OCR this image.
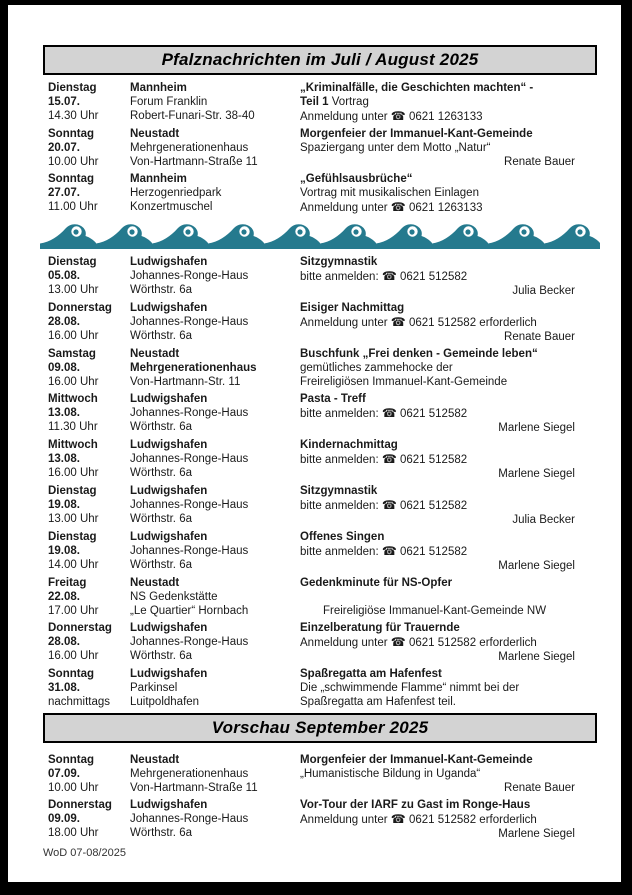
Pfalznachrichten im Juli / August 2025
Dienstag
15.07.
14.30 Uhr
Mannheim
Forum Franklin
Robert-Funari-Str. 38-40
„Kriminalfälle, die Geschichten machten“ -
Teil 1 Vortrag
Anmeldung unter ☎ 0621 1263133
Sonntag
20.07.
10.00 Uhr
Neustadt
Mehrgenerationenhaus
Von-Hartmann-Straße 11
Morgenfeier der Immanuel-Kant-Gemeinde
Spaziergang unter dem Motto „Natur“
Renate Bauer
Sonntag
27.07.
11.00 Uhr
Mannheim
Herzogenriedpark
Konzertmuschel
„Gefühlsausbrüche“
Vortrag mit musikalischen Einlagen
Anmeldung unter ☎ 0621 1263133
Dienstag
05.08.
13.00 Uhr
Ludwigshafen
Johannes-Ronge-Haus
Wörthstr. 6a
Sitzgymnastik
bitte anmelden: ☎ 0621 512582
Julia Becker
Donnerstag
28.08.
16.00 Uhr
Ludwigshafen
Johannes-Ronge-Haus
Wörthstr. 6a
Eisiger Nachmittag
Anmeldung unter ☎ 0621 512582 erforderlich
Renate Bauer
Samstag
09.08.
16.00 Uhr
Neustadt
Mehrgenerationenhaus
Von-Hartmann-Str. 11
Buschfunk „Frei denken - Gemeinde leben“
gemütliches zammehocke der
Freireligiösen Immanuel-Kant-Gemeinde
Mittwoch
13.08.
11.30 Uhr
Ludwigshafen
Johannes-Ronge-Haus
Wörthstr. 6a
Pasta - Treff
bitte anmelden: ☎ 0621 512582
Marlene Siegel
Mittwoch
13.08.
16.00 Uhr
Ludwigshafen
Johannes-Ronge-Haus
Wörthstr. 6a
Kindernachmittag
bitte anmelden: ☎ 0621 512582
Marlene Siegel
Dienstag
19.08.
13.00 Uhr
Ludwigshafen
Johannes-Ronge-Haus
Wörthstr. 6a
Sitzgymnastik
bitte anmelden: ☎ 0621 512582
Julia Becker
Dienstag
19.08.
14.00 Uhr
Ludwigshafen
Johannes-Ronge-Haus
Wörthstr. 6a
Offenes Singen
bitte anmelden: ☎ 0621 512582
Marlene Siegel
Freitag
22.08.
17.00 Uhr
Neustadt
NS Gedenkstätte
„Le Quartier“ Hornbach
Gedenkminute für NS-Opfer

Freireligiöse Immanuel-Kant-Gemeinde NW
Donnerstag
28.08.
16.00 Uhr
Ludwigshafen
Johannes-Ronge-Haus
Wörthstr. 6a
Einzelberatung für Trauernde
Anmeldung unter ☎ 0621 512582 erforderlich
Marlene Siegel
Sonntag
31.08.
nachmittags
Ludwigshafen
Parkinsel
Luitpoldhafen
Spaßregatta am Hafenfest
Die „schwimmende Flamme“ nimmt bei der
Spaßregatta am Hafenfest teil.
Vorschau September 2025
Sonntag
07.09.
10.00 Uhr
Neustadt
Mehrgenerationenhaus
Von-Hartmann-Straße 11
Morgenfeier der Immanuel-Kant-Gemeinde
„Humanistische Bildung in Uganda“
Renate Bauer
Donnerstag
09.09.
18.00 Uhr
Ludwigshafen
Johannes-Ronge-Haus
Wörthstr. 6a
Vor-Tour der IARF zu Gast im Ronge-Haus
Anmeldung unter ☎ 0621 512582 erforderlich
Marlene Siegel
WoD 07-08/2025
